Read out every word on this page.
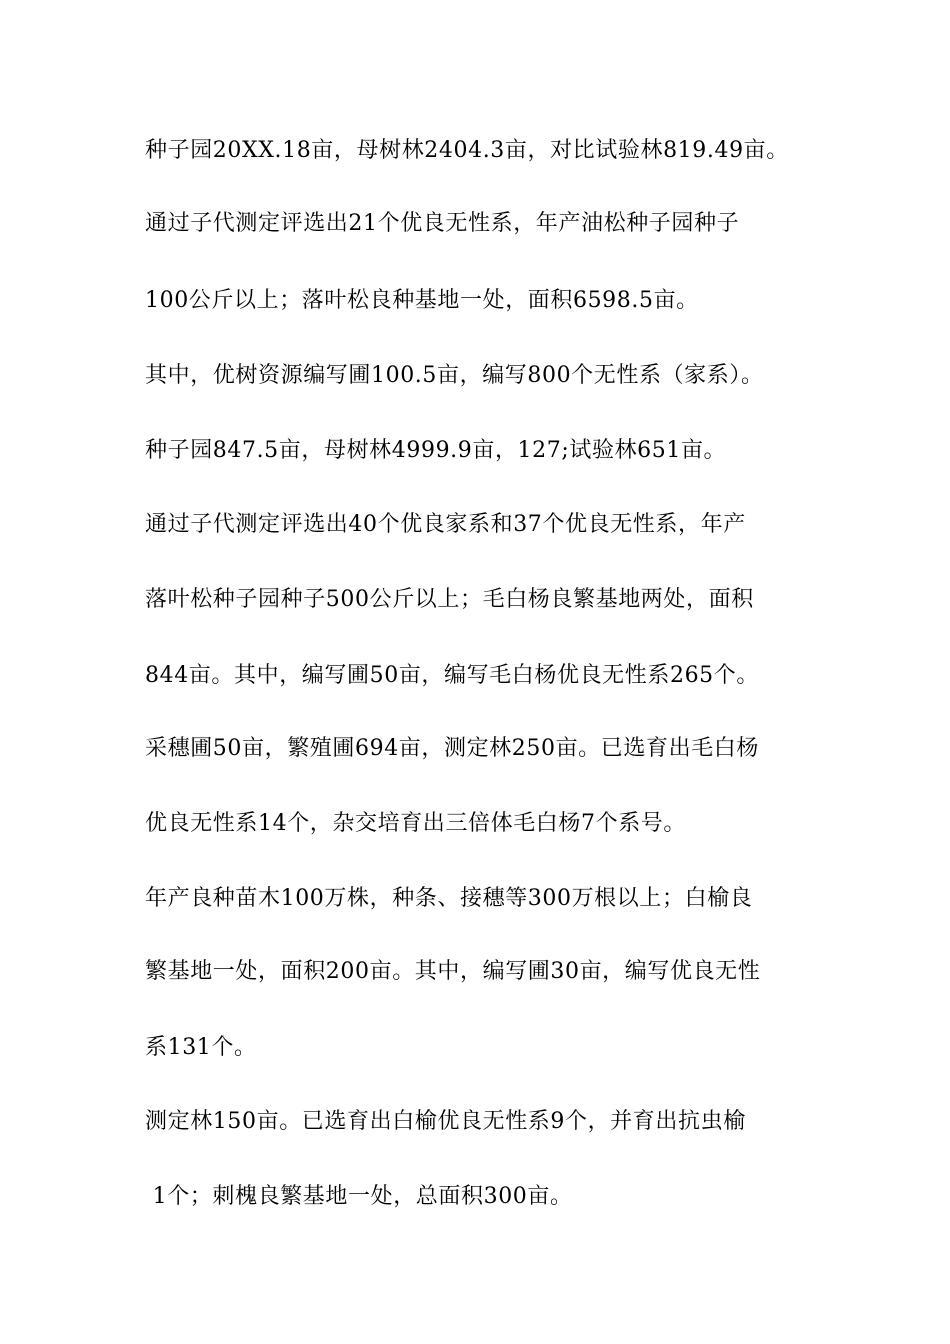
种子园20XX.18亩，母树林2404.3亩，对比试验林819.49亩。
通过子代测定评选出21个优良无性系，年产油松种子园种子
100公斤以上；落叶松良种基地一处，面积6598.5亩。
其中，优树资源编写圃100.5亩，编写800个无性系（家系）。
种子园847.5亩，母树林4999.9亩，127;试验林651亩。
通过子代测定评选出40个优良家系和37个优良无性系，年产
落叶松种子园种子500公斤以上；毛白杨良繁基地两处，面积
844亩。其中，编写圃50亩，编写毛白杨优良无性系265个。
采穗圃50亩，繁殖圃694亩，测定林250亩。已选育出毛白杨
优良无性系14个，杂交培育出三倍体毛白杨7个系号。
年产良种苗木100万株，种条、接穗等300万根以上；白榆良
繁基地一处，面积200亩。其中，编写圃30亩，编写优良无性
系131个。
测定林150亩。已选育出白榆优良无性系9个，并育出抗虫榆
1个；刺槐良繁基地一处，总面积300亩。
